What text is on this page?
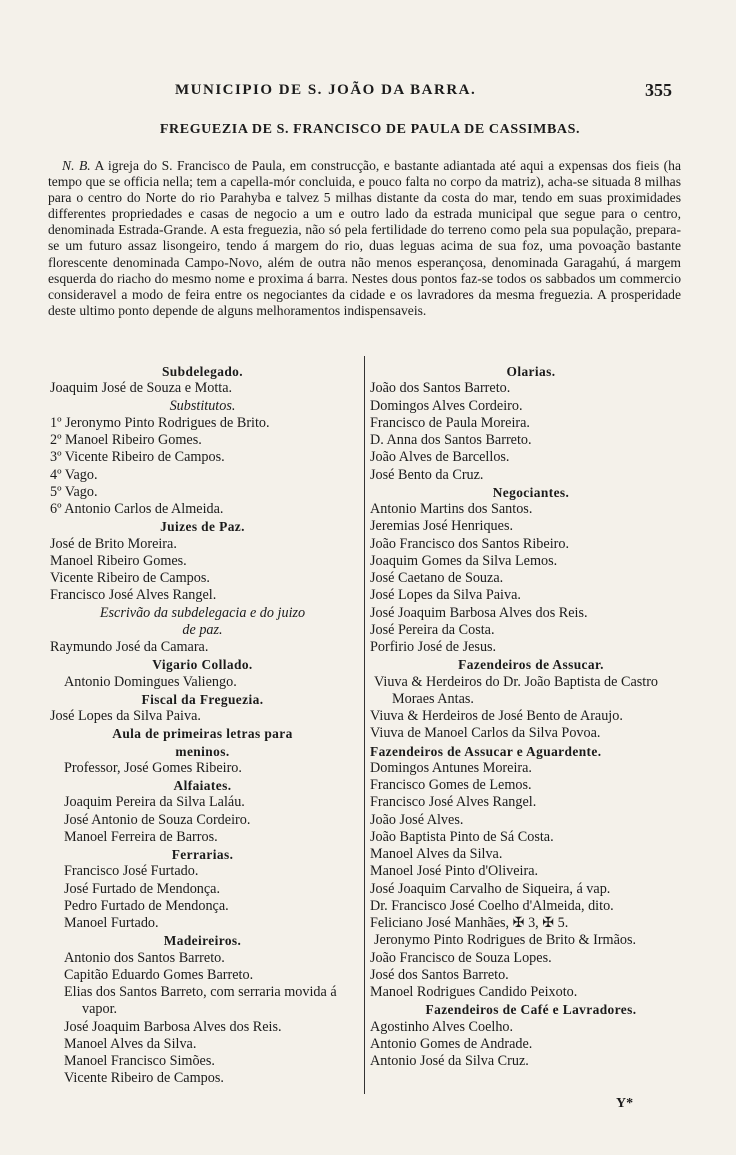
MUNICIPIO DE S. JOÃO DA BARRA.	355
FREGUEZIA DE S. FRANCISCO DE PAULA DE CASSIMBAS.

N. B. A igreja do S. Francisco de Paula, em construcção, e bastante adiantada até aqui a expensas dos fieis (ha tempo que se officia nella; tem a capella-mór concluida, e pouco falta no corpo da matriz), acha-se situada 8 milhas para o centro do Norte do rio Parahyba e talvez 5 milhas distante da costa do mar, tendo em suas proximidades differentes propriedades e casas de negocio a um e outro lado da estrada municipal que segue para o centro, denominada Estrada-Grande. A esta freguezia, não só pela fertilidade do terreno como pela sua população, prepara-se um futuro assaz lisongeiro, tendo á margem do rio, duas leguas acima de sua foz, uma povoação bastante florescente denominada Campo-Novo, além de outra não menos esperançosa, denominada Garagahú, á margem esquerda do riacho do mesmo nome e proxima á barra. Nestes dous pontos faz-se todos os sabbados um commercio consideravel a modo de feira entre os negociantes da cidade e os lavradores da mesma freguezia. A prosperidade deste ultimo ponto depende de alguns melhoramentos indispensaveis.

Subdelegado.
Joaquim José de Souza e Motta.
Substitutos.
1º Jeronymo Pinto Rodrigues de Brito.
2º Manoel Ribeiro Gomes.
3º Vicente Ribeiro de Campos.
4º Vago.
5º Vago.
6º Antonio Carlos de Almeida.
Juizes de Paz.
José de Brito Moreira.
Manoel Ribeiro Gomes.
Vicente Ribeiro de Campos.
Francisco José Alves Rangel.
Escrivão da subdelegacia e do juizo
de paz.
Raymundo José da Camara.
Vigario Collado.
Antonio Domingues Valiengo.
Fiscal da Freguezia.
José Lopes da Silva Paiva.
Aula de primeiras letras para
meninos.
Professor, José Gomes Ribeiro.
Alfaiates.
Joaquim Pereira da Silva Laláu.
José Antonio de Souza Cordeiro.
Manoel Ferreira de Barros.
Ferrarias.
Francisco José Furtado.
José Furtado de Mendonça.
Pedro Furtado de Mendonça.
Manoel Furtado.
Madeireiros.
Antonio dos Santos Barreto.
Capitão Eduardo Gomes Barreto.
Elias dos Santos Barreto, com serraria movida á vapor.
José Joaquim Barbosa Alves dos Reis.
Manoel Alves da Silva.
Manoel Francisco Simões.
Vicente Ribeiro de Campos.
Olarias.
João dos Santos Barreto.
Domingos Alves Cordeiro.
Francisco de Paula Moreira.
D. Anna dos Santos Barreto.
João Alves de Barcellos.
José Bento da Cruz.
Negociantes.
Antonio Martins dos Santos.
Jeremias José Henriques.
João Francisco dos Santos Ribeiro.
Joaquim Gomes da Silva Lemos.
José Caetano de Souza.
José Lopes da Silva Paiva.
José Joaquim Barbosa Alves dos Reis.
José Pereira da Costa.
Porfirio José de Jesus.
Fazendeiros de Assucar.
Viuva & Herdeiros do Dr. João Baptista de Castro Moraes Antas.
Viuva & Herdeiros de José Bento de Araujo.
Viuva de Manoel Carlos da Silva Povoa.
Fazendeiros de Assucar e Aguardente.
Domingos Antunes Moreira.
Francisco Gomes de Lemos.
Francisco José Alves Rangel.
João José Alves.
João Baptista Pinto de Sá Costa.
Manoel Alves da Silva.
Manoel José Pinto d'Oliveira.
José Joaquim Carvalho de Siqueira, á vap.
Dr. Francisco José Coelho d'Almeida, dito.
Feliciano José Manhães, ✠ 3, ✠ 5.
Jeronymo Pinto Rodrigues de Brito & Irmãos.
João Francisco de Souza Lopes.
José dos Santos Barreto.
Manoel Rodrigues Candido Peixoto.
Fazendeiros de Café e Lavradores.
Agostinho Alves Coelho.
Antonio Gomes de Andrade.
Antonio José da Silva Cruz.
Y*
